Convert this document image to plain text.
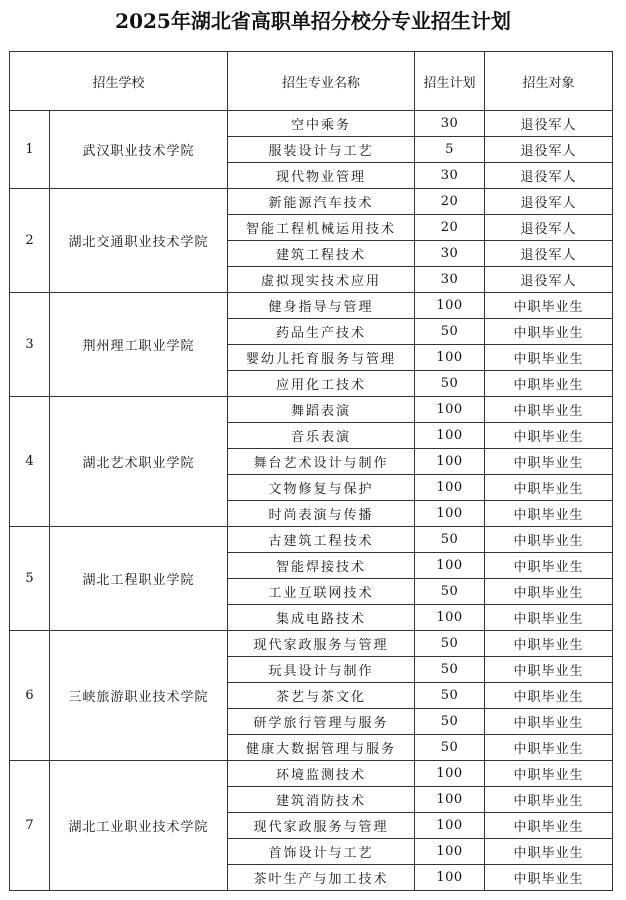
2025年湖北省高职单招分校分专业招生计划
招生学校		招生专业名称	招生计划	招生对象
1	武汉职业技术学院	空中乘务	30	退役军人
		服装设计与工艺	5	退役军人
		现代物业管理	30	退役军人
2	湖北交通职业技术学院	新能源汽车技术	20	退役军人
		智能工程机械运用技术	20	退役军人
		建筑工程技术	30	退役军人
		虚拟现实技术应用	30	退役军人
3	荆州理工职业学院	健身指导与管理	100	中职毕业生
		药品生产技术	50	中职毕业生
		婴幼儿托育服务与管理	100	中职毕业生
		应用化工技术	50	中职毕业生
4	湖北艺术职业学院	舞蹈表演	100	中职毕业生
		音乐表演	100	中职毕业生
		舞台艺术设计与制作	100	中职毕业生
		文物修复与保护	100	中职毕业生
		时尚表演与传播	100	中职毕业生
5	湖北工程职业学院	古建筑工程技术	50	中职毕业生
		智能焊接技术	100	中职毕业生
		工业互联网技术	50	中职毕业生
		集成电路技术	100	中职毕业生
6	三峡旅游职业技术学院	现代家政服务与管理	50	中职毕业生
		玩具设计与制作	50	中职毕业生
		茶艺与茶文化	50	中职毕业生
		研学旅行管理与服务	50	中职毕业生
		健康大数据管理与服务	50	中职毕业生
7	湖北工业职业技术学院	环境监测技术	100	中职毕业生
		建筑消防技术	100	中职毕业生
		现代家政服务与管理	100	中职毕业生
		首饰设计与工艺	100	中职毕业生
		茶叶生产与加工技术	100	中职毕业生
